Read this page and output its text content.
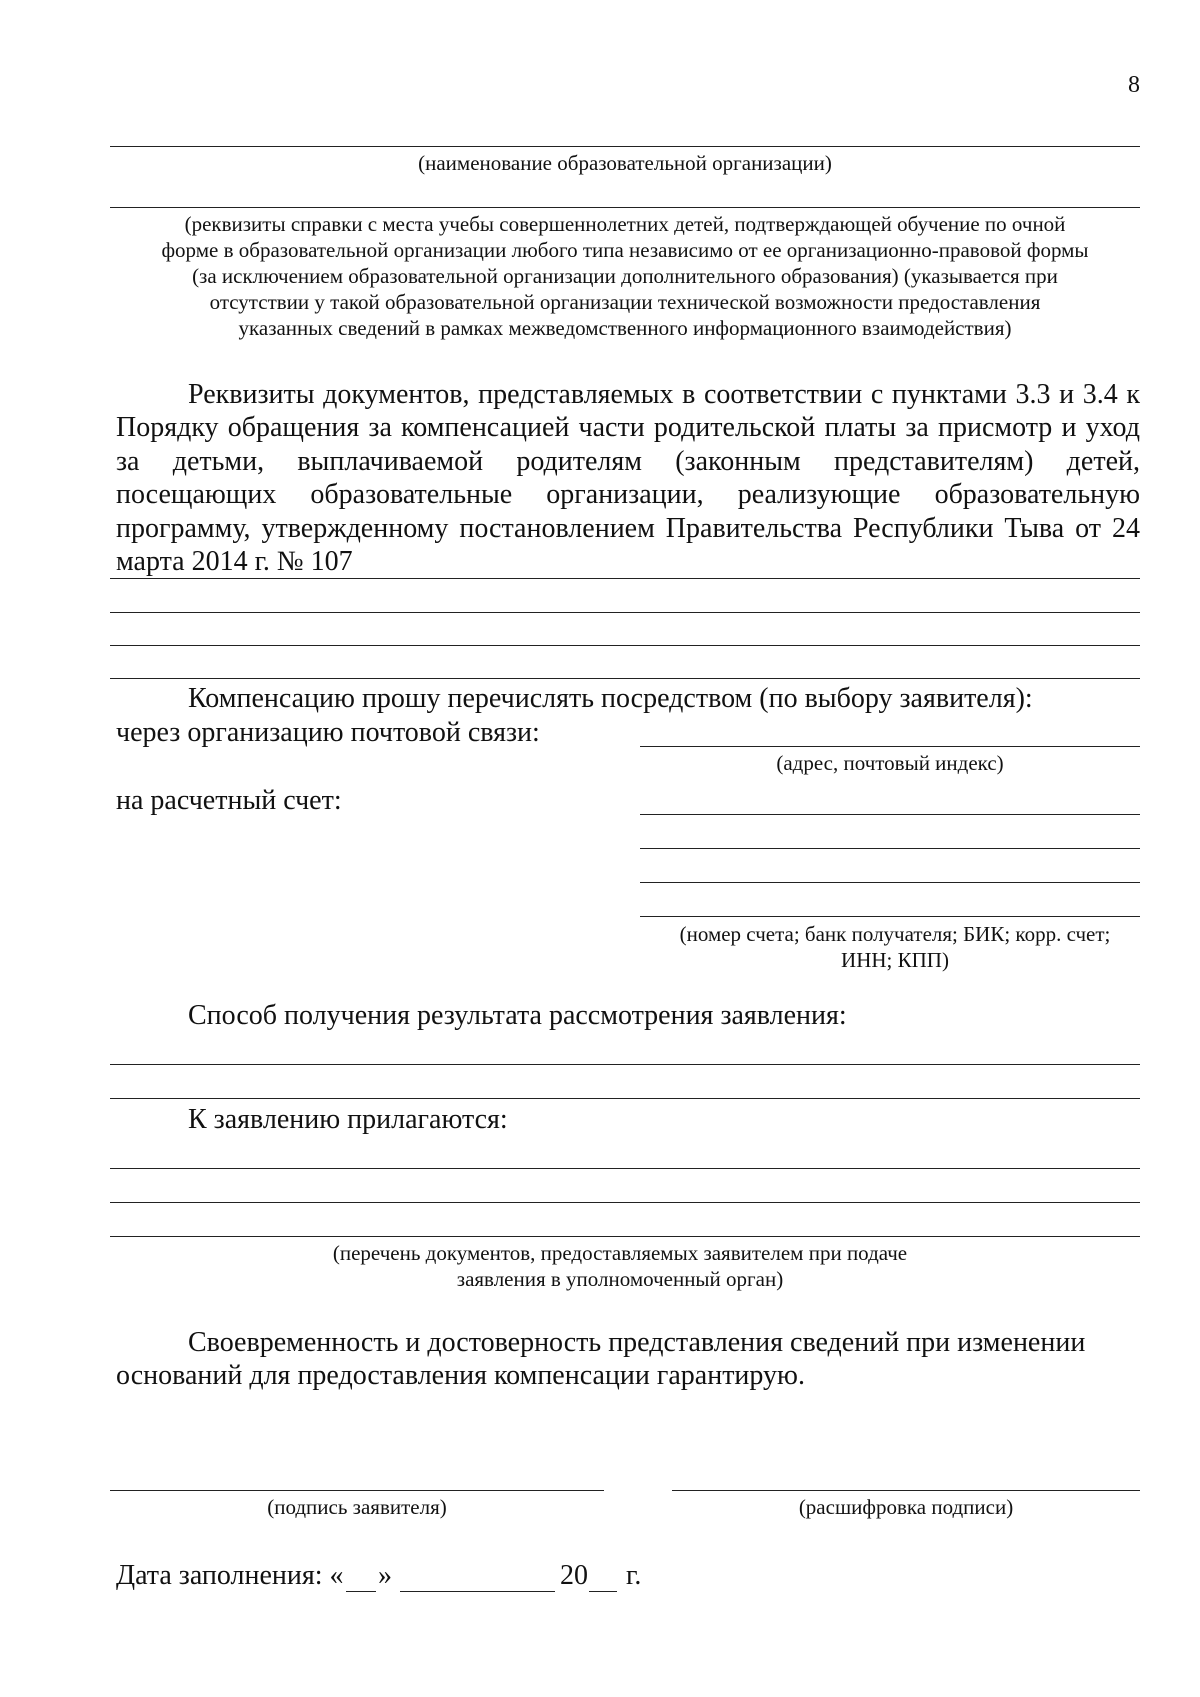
8
(наименование образовательной организации)
(реквизиты справки с места учебы совершеннолетних детей, подтверждающей обучение по очной форме в образовательной организации любого типа независимо от ее организационно-правовой формы (за исключением образовательной организации дополнительного образования) (указывается при отсутствии у такой образовательной организации технической возможности предоставления указанных сведений в рамках межведомственного информационного взаимодействия)
Реквизиты документов, представляемых в соответствии с пунктами 3.3 и 3.4 к Порядку обращения за компенсацией части родительской платы за присмотр и уход за детьми, выплачиваемой родителям (законным представителям) детей, посещающих образовательные организации, реализующие образовательную программу, утвержденному постановлением Правительства Республики Тыва от 24 марта 2014 г. № 107
Компенсацию прошу перечислять посредством (по выбору заявителя):
через организацию почтовой связи:
(адрес, почтовый индекс)
на расчетный счет:
(номер счета; банк получателя; БИК; корр. счет; ИНН; КПП)
Способ получения результата рассмотрения заявления:
К заявлению прилагаются:
(перечень документов, предоставляемых заявителем при подаче заявления в уполномоченный орган)
Своевременность и достоверность представления сведений при изменении оснований для предоставления компенсации гарантирую.
(подпись заявителя)	(расшифровка подписи)
Дата заполнения: « »	20 г.
